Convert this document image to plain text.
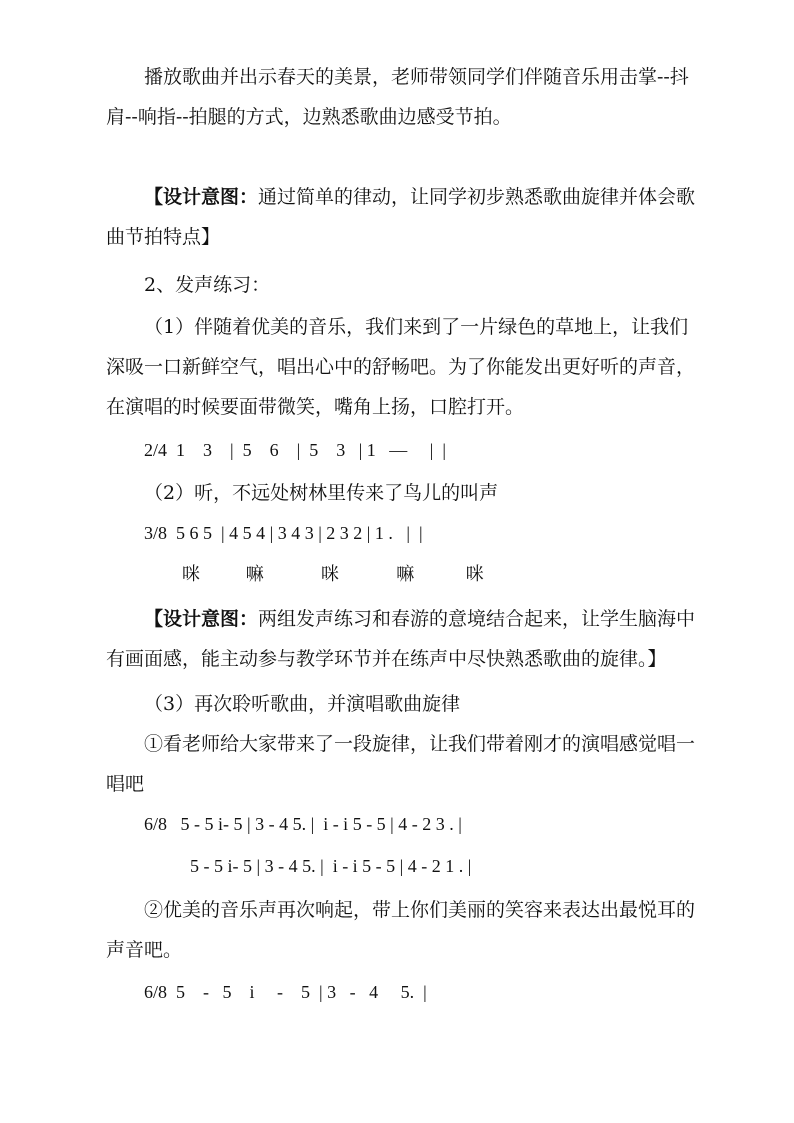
播放歌曲并出示春天的美景，老师带领同学们伴随音乐用击掌--抖肩--响指--拍腿的方式，边熟悉歌曲边感受节拍。
【设计意图：通过简单的律动，让同学初步熟悉歌曲旋律并体会歌曲节拍特点】
2、发声练习：
（1）伴随着优美的音乐，我们来到了一片绿色的草地上，让我们深吸一口新鲜空气，唱出心中的舒畅吧。为了你能发出更好听的声音，在演唱的时候要面带微笑，嘴角上扬，口腔打开。
2/4  1    3    |  5    6    |  5    3   | 1   —     |  |
（2）听，不远处树林里传来了鸟儿的叫声
3/8  5 6 5  | 4 5 4 | 3 4 3 | 2 3 2 | 1 .   |  |
咪        嘛          咪          嘛         咪
【设计意图：两组发声练习和春游的意境结合起来，让学生脑海中有画面感，能主动参与教学环节并在练声中尽快熟悉歌曲的旋律。】
（3）再次聆听歌曲，并演唱歌曲旋律
①看老师给大家带来了一段旋律，让我们带着刚才的演唱感觉唱一唱吧
6/8   5 - 5 i- 5 | 3 - 4 5. |  i - i 5 - 5 | 4 - 2 3 . |
5 - 5 i- 5 | 3 - 4 5. |  i - i 5 - 5 | 4 - 2 1 . |
②优美的音乐声再次响起，带上你们美丽的笑容来表达出最悦耳的声音吧。
6/8  5    -   5    i     -    5  | 3   -   4     5.  |
